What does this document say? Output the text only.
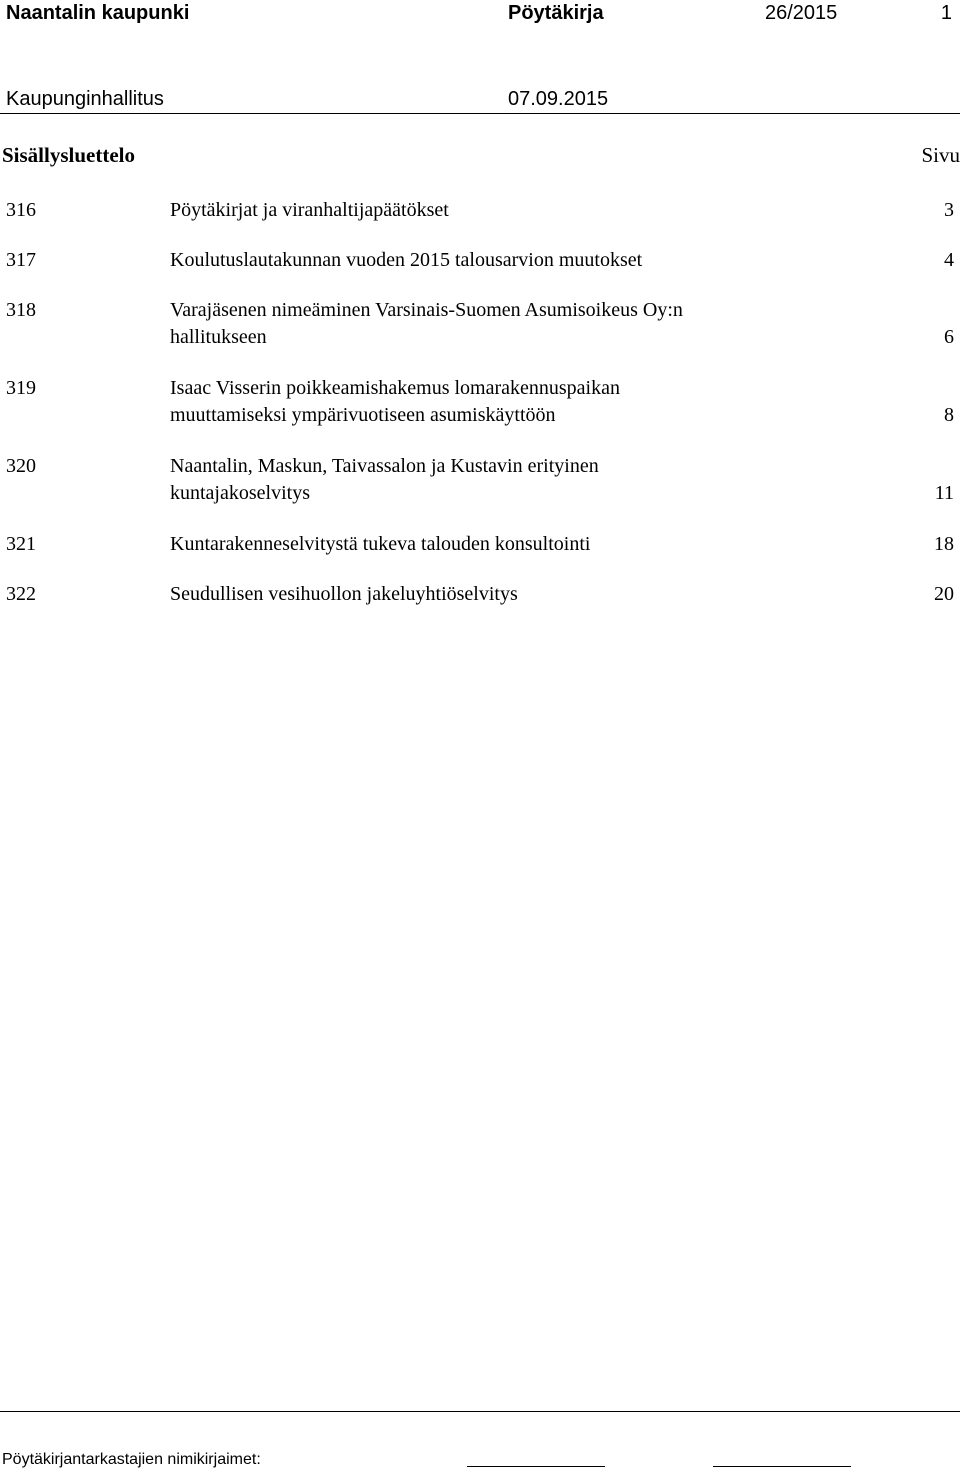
Naantalin kaupunki	Pöytäkirja	26/2015	1
Kaupunginhallitus	07.09.2015
Sisällysluettelo	Sivu
316	Pöytäkirjat ja viranhaltijapäätökset	3
317	Koulutuslautakunnan vuoden 2015 talousarvion muutokset	4
318	Varajäsenen nimeäminen Varsinais-Suomen Asumisoikeus Oy:n
hallitukseen	6
319	Isaac Visserin poikkeamishakemus lomarakennuspaikan
muuttamiseksi ympärivuotiseen asumiskäyttöön	8
320	Naantalin, Maskun, Taivassalon ja Kustavin erityinen
kuntajakoselvitys	11
321	Kuntarakenneselvitystä tukeva talouden konsultointi	18
322	Seudullisen vesihuollon jakeluyhtiöselvitys	20
Pöytäkirjantarkastajien nimikirjaimet:
